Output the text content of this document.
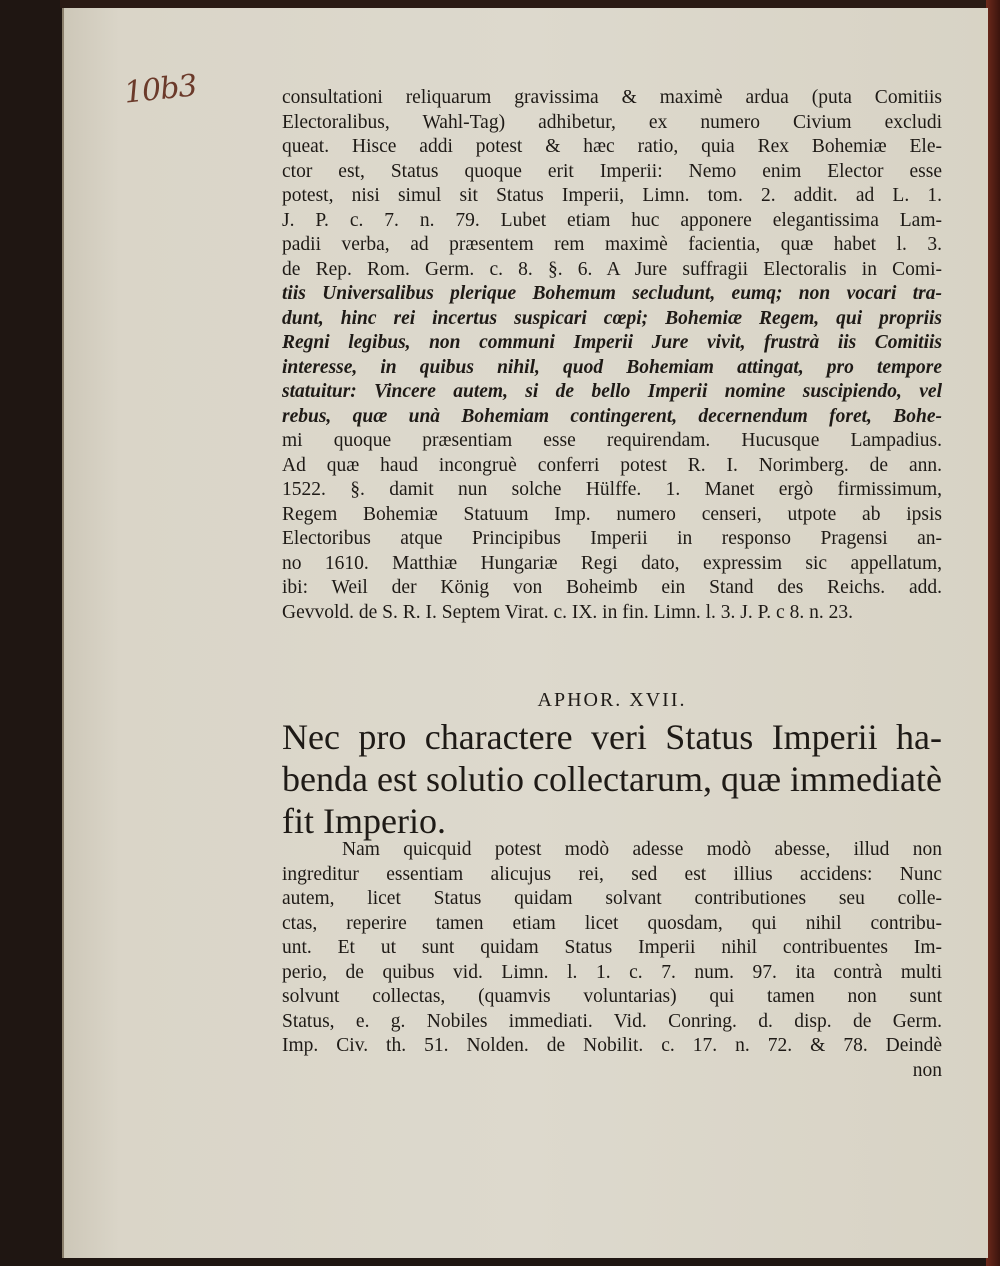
10b3	consultationi reliquarum gravissima & maximè ardua (puta Comitiis
Electoralibus, Wahl-Tag) adhibetur, ex numero Civium excludi
queat. Hisce addi potest & hæc ratio, quia Rex Bohemiæ Ele-
ctor est, Status quoque erit Imperii: Nemo enim Elector esse
potest, nisi simul sit Status Imperii, Limn. tom. 2. addit. ad L. 1.
J. P. c. 7. n. 79. Lubet etiam huc apponere elegantissima Lam-
padii verba, ad præsentem rem maximè facientia, quæ habet l. 3.
de Rep. Rom. Germ. c. 8. §. 6. A Jure suffragii Electoralis in Comi-
tiis Universalibus plerique Bohemum secludunt, eumq; non vocari tra-
dunt, hinc rei incertus suspicari cœpi; Bohemiæ Regem, qui propriis
Regni legibus, non communi Imperii Jure vivit, frustrà iis Comitiis
interesse, in quibus nihil, quod Bohemiam attingat, pro tempore
statuitur: Vincere autem, si de bello Imperii nomine suscipiendo, vel
rebus, quæ unà Bohemiam contingerent, decernendum foret, Bohe-
mi quoque præsentiam esse requirendam. Hucusque Lampadius.
Ad quæ haud incongruè conferri potest R. I. Norimberg. de ann.
1522. §. damit nun solche Hülffe. 1. Manet ergò firmissimum,
Regem Bohemiæ Statuum Imp. numero censeri, utpote ab ipsis
Electoribus atque Principibus Imperii in responso Pragensi an-
no 1610. Matthiæ Hungariæ Regi dato, expressim sic appellatum,
ibi: Weil der König von Boheimb ein Stand des Reichs. add.
Gevvold. de S. R. I. Septem Virat. c. IX. in fin. Limn. l. 3. J. P. c 8. n. 23.
APHOR. XVII.
Nec pro charactere veri Status Imperii ha-
benda est solutio collectarum, quæ immediatè
fit Imperio.
Nam quicquid potest modò adesse modò abesse, illud non
ingreditur essentiam alicujus rei, sed est illius accidens: Nunc
autem, licet Status quidam solvant contributiones seu colle-
ctas, reperire tamen etiam licet quosdam, qui nihil contribu-
unt. Et ut sunt quidam Status Imperii nihil contribuentes Im-
perio, de quibus vid. Limn. l. 1. c. 7. num. 97. ita contrà multi
solvunt collectas, (quamvis voluntarias) qui tamen non sunt
Status, e. g. Nobiles immediati. Vid. Conring. d. disp. de Germ.
Imp. Civ. th. 51. Nolden. de Nobilit. c. 17. n. 72. & 78. Deindè
non
